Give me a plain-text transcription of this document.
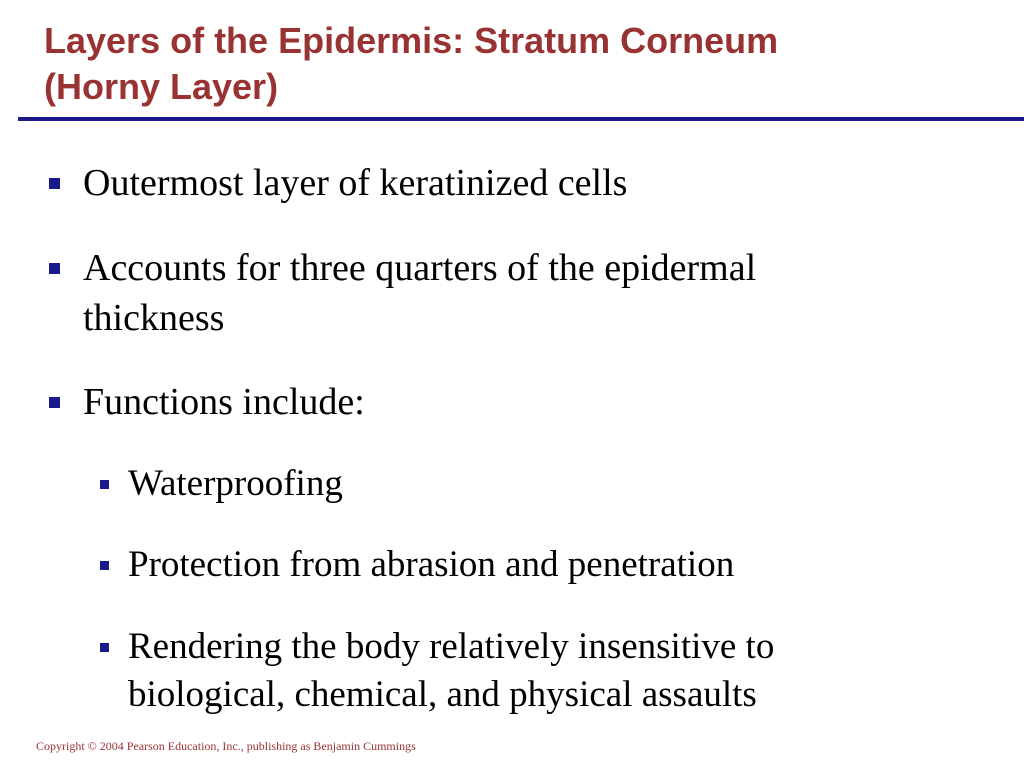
Layers of the Epidermis: Stratum Corneum
(Horny Layer)
Outermost layer of keratinized cells
Accounts for three quarters of the epidermal thickness
Functions include:
Waterproofing
Protection from abrasion and penetration
Rendering the body relatively insensitive to biological, chemical, and physical assaults
Copyright © 2004 Pearson Education, Inc., publishing as Benjamin Cummings
